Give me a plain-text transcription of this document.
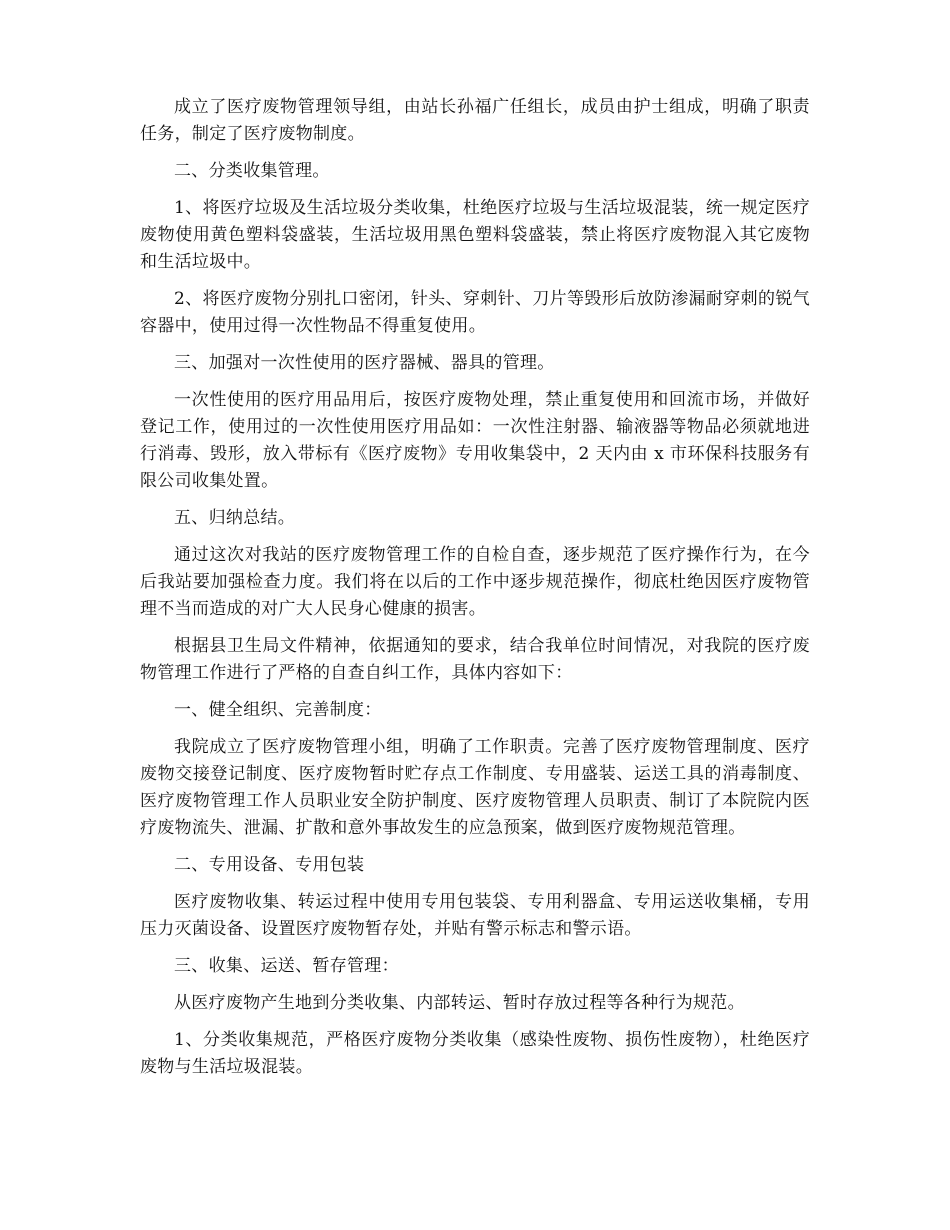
成立了医疗废物管理领导组，由站长孙福广任组长，成员由护士组成，明确了职责任务，制定了医疗废物制度。

二、分类收集管理。

1、将医疗垃圾及生活垃圾分类收集，杜绝医疗垃圾与生活垃圾混装，统一规定医疗废物使用黄色塑料袋盛装，生活垃圾用黑色塑料袋盛装，禁止将医疗废物混入其它废物和生活垃圾中。

2、将医疗废物分别扎口密闭，针头、穿刺针、刀片等毁形后放防渗漏耐穿刺的锐气容器中，使用过得一次性物品不得重复使用。

三、加强对一次性使用的医疗器械、器具的管理。

一次性使用的医疗用品用后，按医疗废物处理，禁止重复使用和回流市场，并做好登记工作，使用过的一次性使用医疗用品如：一次性注射器、输液器等物品必须就地进行消毒、毁形，放入带标有《医疗废物》专用收集袋中，2 天内由 x 市环保科技服务有限公司收集处置。

五、归纳总结。

通过这次对我站的医疗废物管理工作的自检自查，逐步规范了医疗操作行为，在今后我站要加强检查力度。我们将在以后的工作中逐步规范操作，彻底杜绝因医疗废物管理不当而造成的对广大人民身心健康的损害。

根据县卫生局文件精神，依据通知的要求，结合我单位时间情况，对我院的医疗废物管理工作进行了严格的自查自纠工作，具体内容如下：

一、健全组织、完善制度：

我院成立了医疗废物管理小组，明确了工作职责。完善了医疗废物管理制度、医疗废物交接登记制度、医疗废物暂时贮存点工作制度、专用盛装、运送工具的消毒制度、医疗废物管理工作人员职业安全防护制度、医疗废物管理人员职责、制订了本院院内医疗废物流失、泄漏、扩散和意外事故发生的应急预案，做到医疗废物规范管理。

二、专用设备、专用包装

医疗废物收集、转运过程中使用专用包装袋、专用利器盒、专用运送收集桶，专用压力灭菌设备、设置医疗废物暂存处，并贴有警示标志和警示语。

三、收集、运送、暂存管理：

从医疗废物产生地到分类收集、内部转运、暂时存放过程等各种行为规范。

1、分类收集规范，严格医疗废物分类收集（感染性废物、损伤性废物），杜绝医疗废物与生活垃圾混装。
